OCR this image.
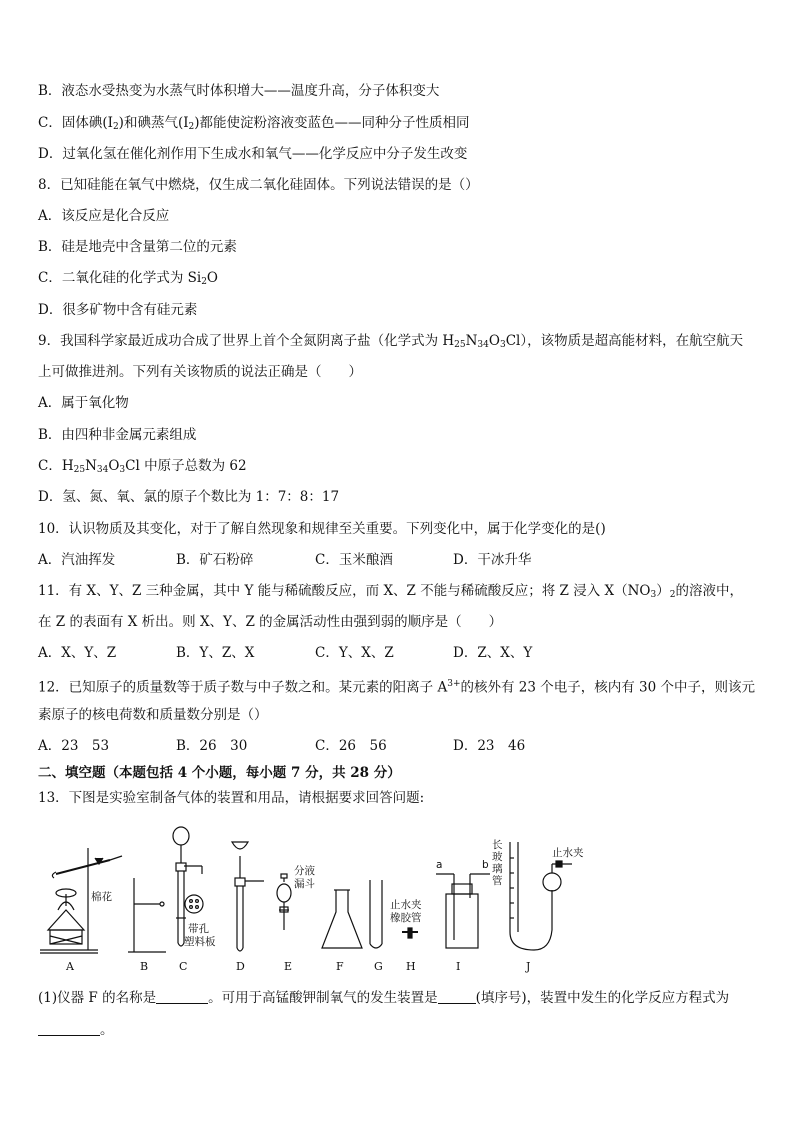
B．液态水受热变为水蒸气时体积增大——温度升高，分子体积变大
C．固体碘$(I_2)$和碘蒸气$(I_2)$都能使淀粉溶液变蓝色——同种分子性质相同
D．过氧化氢在催化剂作用下生成水和氧气——化学反应中分子发生改变
8．已知硅能在氧气中燃烧，仅生成二氧化硅固体。下列说法错误的是（）
A．该反应是化合反应
B．硅是地壳中含量第二位的元素
C．二氧化硅的化学式为 $Si_2O$
D．很多矿物中含有硅元素
9．我国科学家最近成功合成了世界上首个全氮阴离子盐（化学式为 $H_{25}N_{34}O_3Cl$），该物质是超高能材料，在航空航天
上可做推进剂。下列有关该物质的说法正确是（　　）
A．属于氧化物
B．由四种非金属元素组成
C．$H_{25}N_{34}O_3Cl$ 中原子总数为 62
D．氢、氮、氧、氯的原子个数比为 1：7：8：17
10．认识物质及其变化，对于了解自然现象和规律至关重要。下列变化中，属于化学变化的是()
A．汽油挥发	B．矿石粉碎	C．玉米酿酒	D．干冰升华
11．有 X、Y、Z 三种金属，其中 Y 能与稀硫酸反应，而 X、Z 不能与稀硫酸反应；将 Z 浸入 $X(NO_3)_2$的溶液中，
在 Z 的表面有 X 析出。则 X、Y、Z 的金属活动性由强到弱的顺序是（　　）
A．X、Y、Z	B．Y、Z、X	C．Y、X、Z	D．Z、X、Y
12．已知原子的质量数等于质子数与中子数之和。某元素的阳离子 $A^{3+}$的核外有 23 个电子，核内有 30 个中子，则该元
素原子的核电荷数和质量数分别是（）
A．23　53	B．26　30	C．26　56	D．23　46
二、填空题（本题包括 4 个小题，每小题 7 分，共 28 分）
13．下图是实验室制备气体的装置和用品，请根据要求回答问题:
棉花
带孔
塑料板
分液
漏斗
止水夹
橡胶管
a	b
长
玻
璃
管
止水夹
A	B	C	D	E	F	G H	I	J
(1)仪器 F 的名称是	。可用于高锰酸钾制氧气的发生装置是	(填序号)，装置中发生的化学反应方程式为
。
